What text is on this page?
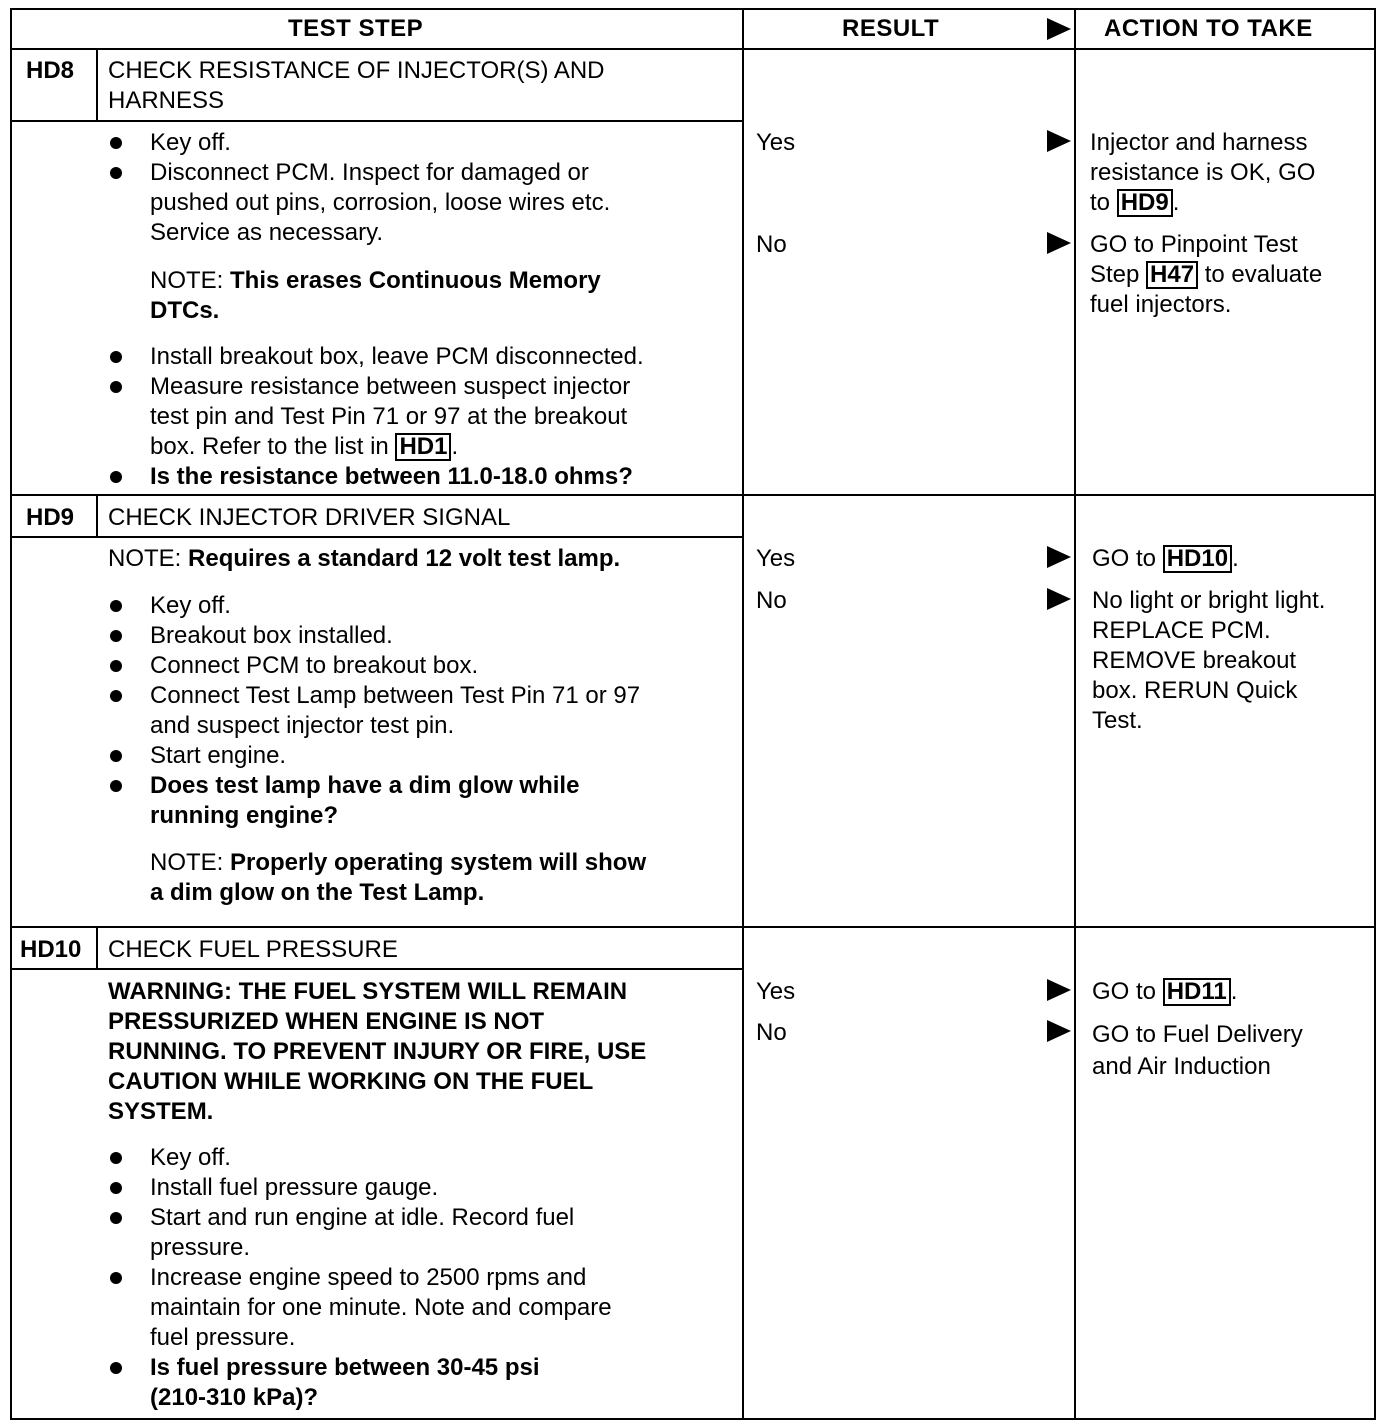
TEST STEP	RESULT	ACTION TO TAKE
HD8 CHECK RESISTANCE OF INJECTOR(S) AND
HARNESS
Key off.
Disconnect PCM. Inspect for damaged or
pushed out pins, corrosion, loose wires etc.
Service as necessary.
NOTE: This erases Continuous Memory
DTCs.
Install breakout box, leave PCM disconnected.
Measure resistance between suspect injector
test pin and Test Pin 71 or 97 at the breakout
box. Refer to the list in HD1 .
Is the resistance between 11.0-18.0 ohms?
Yes	Injector and harness
resistance is OK, GO
to HD9 .
No	GO to Pinpoint Test
Step H47 to evaluate
fuel injectors.
HD9 CHECK INJECTOR DRIVER SIGNAL
NOTE: Requires a standard 12 volt test lamp.
Key off.
Breakout box installed.
Connect PCM to breakout box.
Connect Test Lamp between Test Pin 71 or 97
and suspect injector test pin.
Start engine.
Does test lamp have a dim glow while
running engine?
NOTE: Properly operating system will show
a dim glow on the Test Lamp.
Yes	GO to HD10 .
No	No light or bright light.
REPLACE PCM.
REMOVE breakout
box. RERUN Quick
Test.
HD10 CHECK FUEL PRESSURE
WARNING: THE FUEL SYSTEM WILL REMAIN
PRESSURIZED WHEN ENGINE IS NOT
RUNNING. TO PREVENT INJURY OR FIRE, USE
CAUTION WHILE WORKING ON THE FUEL
SYSTEM.
Key off.
Install fuel pressure gauge.
Start and run engine at idle. Record fuel
pressure.
Increase engine speed to 2500 rpms and
maintain for one minute. Note and compare
fuel pressure.
Is fuel pressure between 30-45 psi
(210-310 kPa)?
Yes	GO to HD11 .
No	GO to Fuel Delivery
and Air Induction
